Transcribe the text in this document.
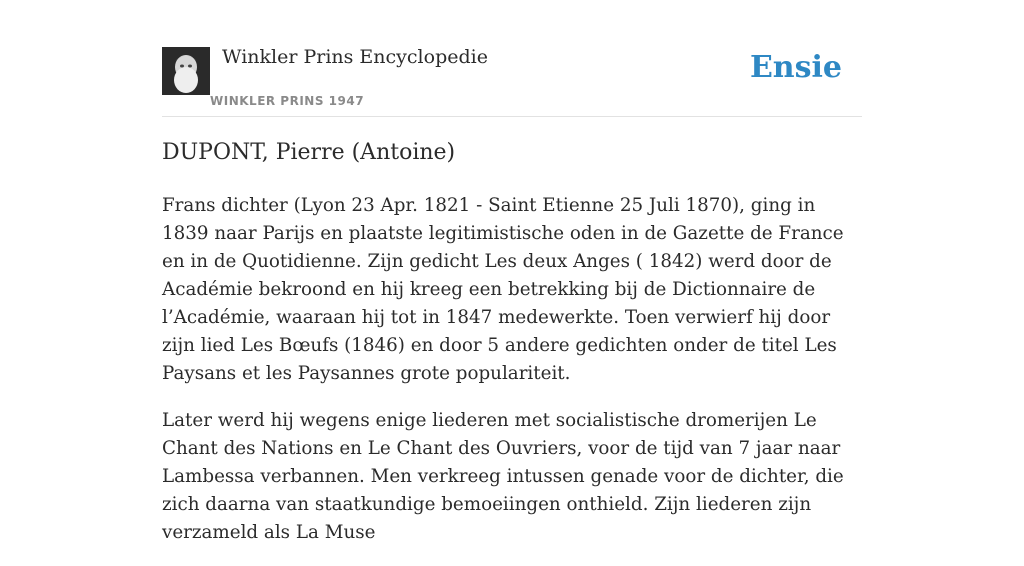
Winkler Prins Encyclopedie
WINKLER PRINS 1947
Ensie
DUPONT, Pierre (Antoine)

Frans dichter (Lyon 23 Apr. 1821 - Saint Etienne 25 Juli 1870), ging in 1839 naar Parijs en plaatste legitimistische oden in de Gazette de France en in de Quotidienne. Zijn gedicht Les deux Anges ( 1842) werd door de Académie bekroond en hij kreeg een betrekking bij de Dictionnaire de l’Académie, waaraan hij tot in 1847 medewerkte. Toen verwierf hij door zijn lied Les Bœufs (1846) en door 5 andere gedichten onder de titel Les Paysans et les Paysannes grote populariteit.

Later werd hij wegens enige liederen met socialistische dromerijen Le Chant des Nations en Le Chant des Ouvriers, voor de tijd van 7 jaar naar Lambessa verbannen. Men verkreeg intussen genade voor de dichter, die zich daarna van staatkundige bemoeiingen onthield. Zijn liederen zijn verzameld als La Muse
